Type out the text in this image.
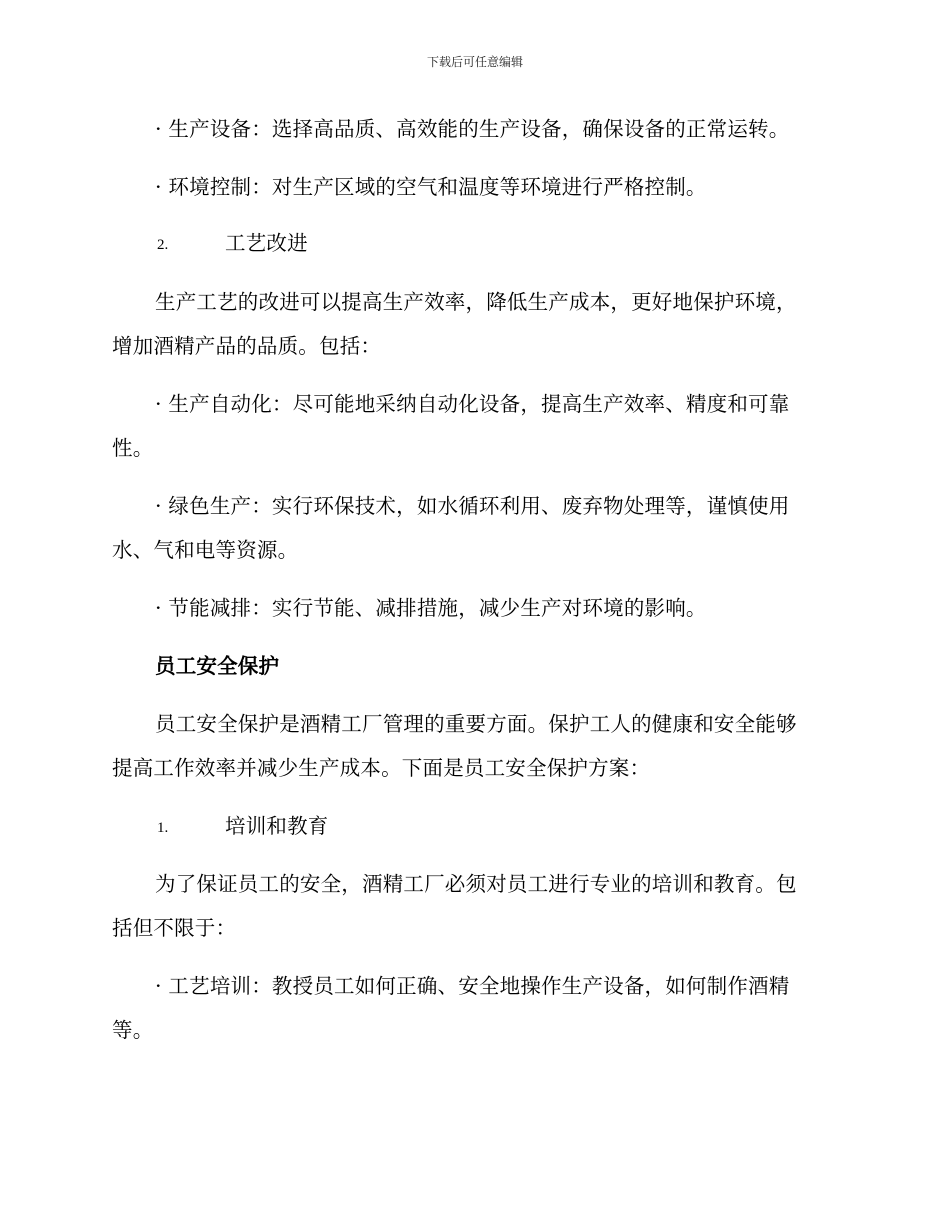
下载后可任意编辑
· 生产设备：选择高品质、高效能的生产设备，确保设备的正常运转。
· 环境控制：对生产区域的空气和温度等环境进行严格控制。
2.	工艺改进
生产工艺的改进可以提高生产效率，降低生产成本，更好地保护环境，
增加酒精产品的品质。包括：
· 生产自动化：尽可能地采纳自动化设备，提高生产效率、精度和可靠
性。
· 绿色生产：实行环保技术，如水循环利用、废弃物处理等，谨慎使用
水、气和电等资源。
· 节能减排：实行节能、减排措施，减少生产对环境的影响。
员工安全保护
员工安全保护是酒精工厂管理的重要方面。保护工人的健康和安全能够
提高工作效率并减少生产成本。下面是员工安全保护方案：
1.	培训和教育
为了保证员工的安全，酒精工厂必须对员工进行专业的培训和教育。包
括但不限于：
· 工艺培训：教授员工如何正确、安全地操作生产设备，如何制作酒精
等。
